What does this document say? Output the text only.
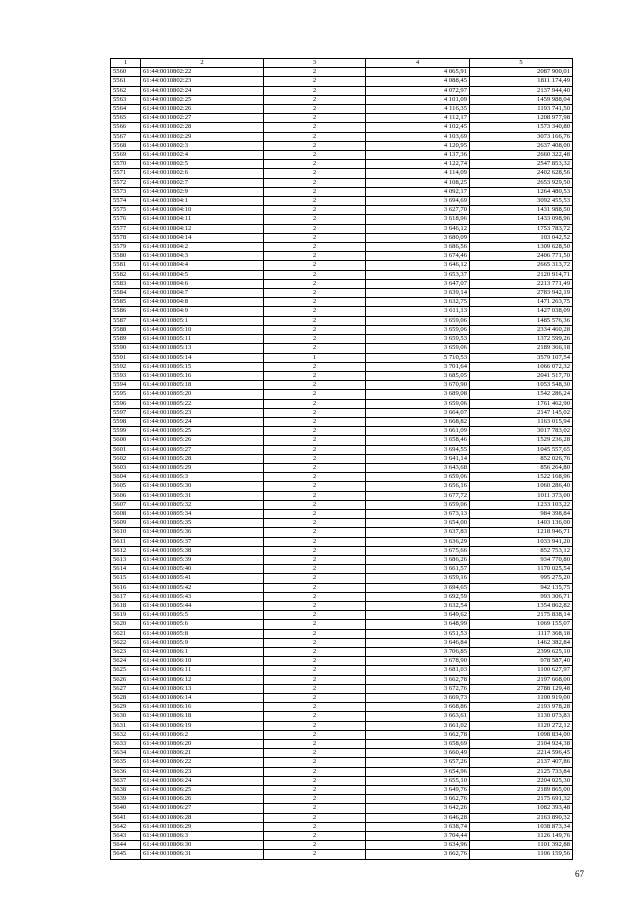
1	2	3	4	5
5560	61:44:0010802:22	2	4 065,91	2087 900,01
5561	61:44:0010802:23	2	4 088,45	1811 174,49
5562	61:44:0010802:24	2	4 072,97	2137 944,40
5563	61:44:0010802:25	2	4 101,09	1459 988,04
5564	61:44:0010802:26	2	4 116,35	1193 741,50
5565	61:44:0010802:27	2	4 112,17	1208 977,98
5566	61:44:0010802:28	2	4 102,45	1573 340,80
5567	61:44:0010802:29	2	4 103,69	3073 166,76
5568	61:44:0010802:3	2	4 120,95	2637 408,00
5569	61:44:0010802:4	2	4 137,36	2660 322,48
5570	61:44:0010802:5	2	4 122,74	2547 853,32
5571	61:44:0010802:6	2	4 114,09	2402 628,56
5572	61:44:0010802:7	2	4 108,25	2653 929,50
5573	61:44:0010802:9	2	4 092,17	1264 480,53
5574	61:44:0010804:1	2	3 694,69	3092 455,53
5575	61:44:0010804:10	2	3 627,70	1431 988,50
5576	61:44:0010804:11	2	3 618,96	1433 098,96
5577	61:44:0010804:12	2	3 646,12	1753 783,72
5578	61:44:0010804:14	2	3 680,09	103 042,52
5579	61:44:0010804:2	2	3 686,56	1309 628,50
5580	61:44:0010804:3	2	3 674,46	2406 771,50
5581	61:44:0010804:4	2	3 646,12	2665 313,72
5582	61:44:0010804:5	2	3 653,37	2120 914,71
5583	61:44:0010804:6	2	3 647,07	2213 771,49
5584	61:44:0010804:7	2	3 639,14	2783 942,19
5585	61:44:0010804:8	2	3 632,75	1471 263,75
5586	61:44:0010804:9	2	3 611,13	1427 038,09
5587	61:44:0010805:1	2	3 659,06	1485 576,36
5588	61:44:0010805:10	2	3 659,06	2334 460,28
5589	61:44:0010805:11	2	3 659,53	1372 599,26
5590	61:44:0010805:13	2	3 659,06	2189 366,18
5591	61:44:0010805:14	1	5 710,53	3579 107,54
5592	61:44:0010805:15	2	3 701,64	1066 072,32
5593	61:44:0010805:16	2	3 685,05	2041 517,70
5594	61:44:0010805:18	2	3 670,90	1053 548,30
5595	61:44:0010805:20	2	3 689,08	1542 286,24
5596	61:44:0010805:22	2	3 659,06	1761 462,90
5597	61:44:0010805:23	2	3 664,07	2147 145,02
5598	61:44:0010805:24	2	3 668,82	1163 015,94
5599	61:44:0010805:25	2	3 661,09	3017 783,02
5600	61:44:0010805:26	2	3 658,46	1529 236,28
5601	61:44:0010805:27	2	3 694,55	1045 557,65
5602	61:44:0010805:28	2	3 641,14	852 026,76
5603	61:44:0010805:29	2	3 643,68	856 264,80
5604	61:44:0010805:3	2	3 659,06	1522 168,96
5605	61:44:0010805:30	2	3 656,16	1060 286,40
5606	61:44:0010805:31	2	3 677,72	1011 373,00
5607	61:44:0010805:32	2	3 659,06	1233 103,22
5608	61:44:0010805:34	2	3 673,13	984 398,84
5609	61:44:0010805:35	2	3 654,00	1403 136,00
5610	61:44:0010805:36	2	3 637,83	1218 946,71
5611	61:44:0010805:37	2	3 636,29	1033 941,20
5612	61:44:0010805:38	2	3 675,66	852 753,12
5613	61:44:0010805:39	2	3 686,26	934 770,80
5614	61:44:0010805:40	2	3 661,57	1170 025,54
5615	61:44:0010805:41	2	3 659,16	995 275,20
5616	61:44:0010805:42	2	3 694,65	942 135,75
5617	61:44:0010805:43	2	3 692,59	993 306,71
5618	61:44:0010805:44	2	3 632,54	1354 862,82
5619	61:44:0010805:5	2	3 649,62	2175 838,14
5620	61:44:0010805:6	2	3 648,99	1069 155,07
5621	61:44:0010805:8	2	3 651,53	1117 368,18
5622	61:44:0010805:9	2	3 646,84	1462 382,84
5623	61:44:0010806:1	2	3 706,85	2399 625,10
5624	61:44:0010806:10	2	3 678,90	978 587,40
5625	61:44:0010806:11	2	3 681,03	1100 627,97
5626	61:44:0010806:12	2	3 662,78	2197 668,00
5627	61:44:0010806:13	2	3 672,76	2788 129,48
5628	61:44:0010806:14	2	3 669,73	1100 919,00
5629	61:44:0010806:16	2	3 668,86	2193 978,28
5630	61:44:0010806:18	2	3 663,61	1130 073,83
5631	61:44:0010806:19	2	3 661,02	1120 272,12
5632	61:44:0010806:2	2	3 662,78	1098 834,00
5633	61:44:0010806:20	2	3 658,69	2104 924,38
5634	61:44:0010806:21	2	3 660,49	2214 596,45
5635	61:44:0010806:22	2	3 657,26	2137 407,86
5636	61:44:0010806:23	2	3 654,96	2125 733,84
5637	61:44:0010806:24	2	3 655,10	2204 025,30
5638	61:44:0010806:25	2	3 649,76	2189 865,00
5639	61:44:0010806:26	2	3 662,76	2175 691,32
5640	61:44:0010806:27	2	3 642,26	1082 393,48
5641	61:44:0010806:28	2	3 646,28	2163 890,32
5642	61:44:0010806:29	2	3 638,74	1038 873,34
5643	61:44:0010806:3	2	3 704,44	1126 149,76
5644	61:44:0010806:30	2	3 634,96	1101 392,88
5645	61:44:0010806:31	2	3 662,76	1106 159,56
67
